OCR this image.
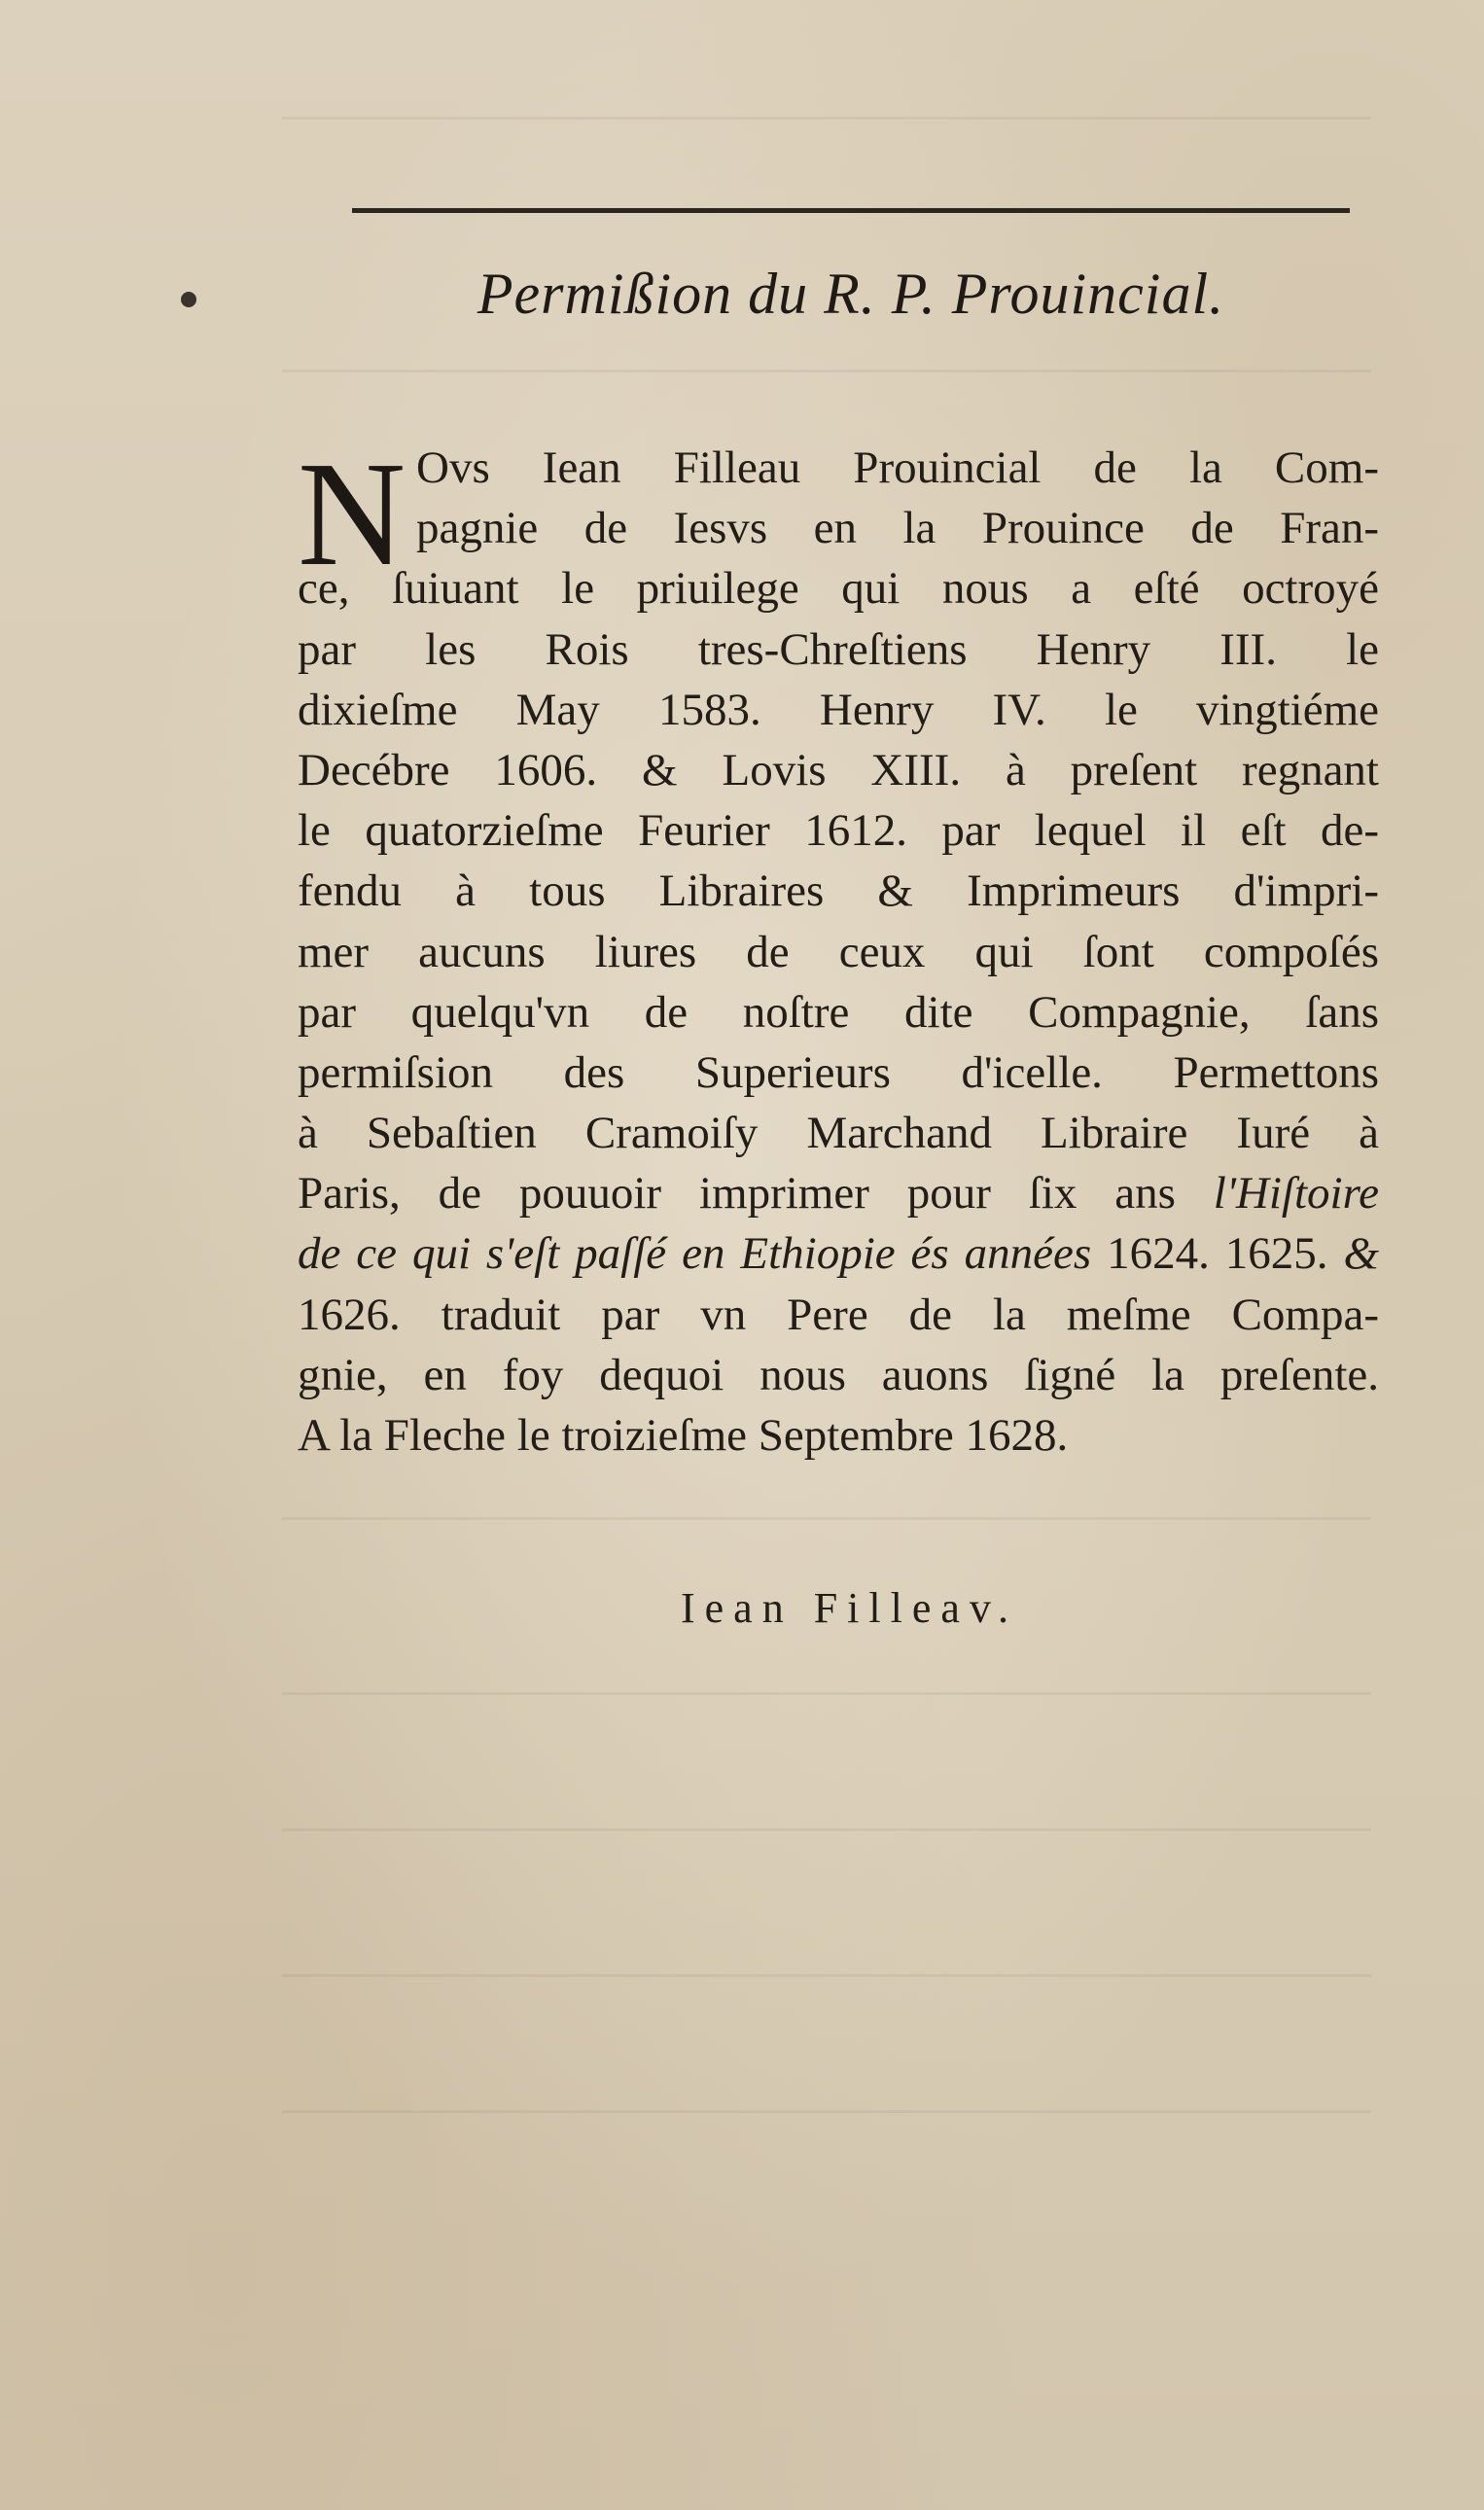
Permißion du R. P. Prouincial.
N Ovs Iean Filleau Prouincial de la Com-
pagnie de Iesvs en la Prouince de Fran-
ce, ſuiuant le priuilege qui nous a eſté octroyé
par les Rois tres-Chreſtiens Henry III. le
dixieſme May 1583. Henry IV. le vingtiéme
Decébre 1606. & Lovis XIII. à preſent regnant
le quatorzieſme Feurier 1612. par lequel il eſt de-
fendu à tous Libraires & Imprimeurs d'impri-
mer aucuns liures de ceux qui ſont compoſés
par quelqu'vn de noſtre dite Compagnie, ſans
permiſsion des Superieurs d'icelle. Permettons
à Sebaſtien Cramoiſy Marchand Libraire Iuré à
Paris, de pouuoir imprimer pour ſix ans l'Hiſtoire
de ce qui s'eſt paſſé en Ethiopie és années 1624. 1625. &
1626. traduit par vn Pere de la meſme Compa-
gnie, en foy dequoi nous auons ſigné la preſente.
A la Fleche le troizieſme Septembre 1628.
Iean Filleav.
